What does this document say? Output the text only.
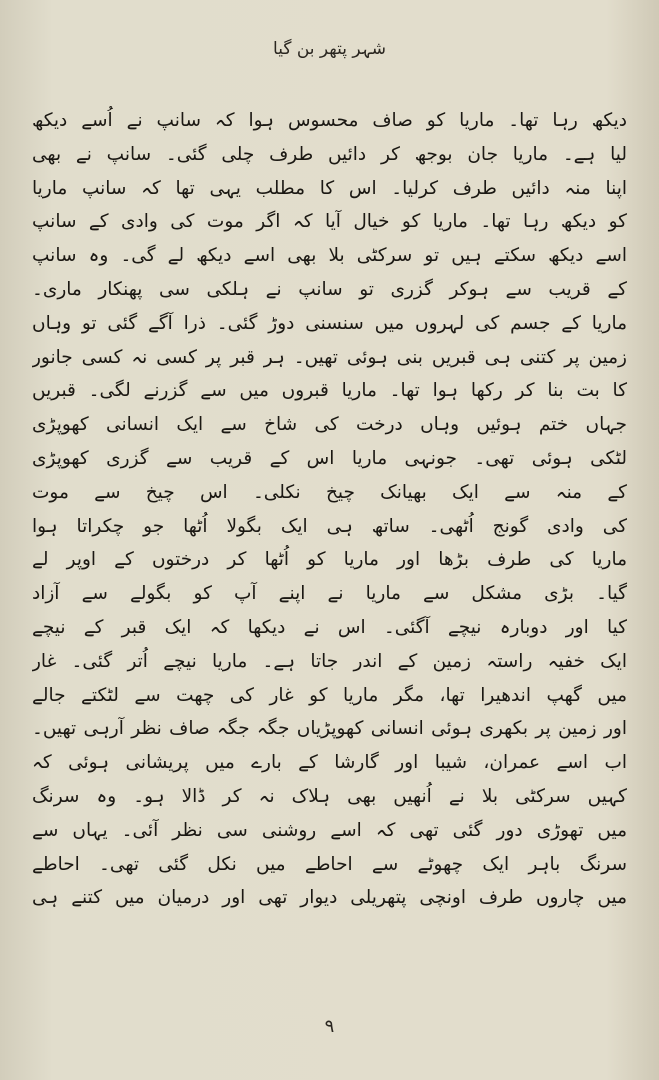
شہر پتھر بن گیا
دیکھ رہا تھا۔ ماریا کو صاف محسوس ہوا کہ سانپ نے اُسے دیکھ
لیا ہے۔ ماریا جان بوجھ کر دائیں طرف چلی گئی۔ سانپ نے بھی
اپنا منہ دائیں طرف کرلیا۔ اس کا مطلب یہی تھا کہ سانپ ماریا
کو دیکھ رہا تھا۔ ماریا کو خیال آیا کہ اگر موت کی وادی کے سانپ
اسے دیکھ سکتے ہیں تو سرکٹی بلا بھی اسے دیکھ لے گی۔ وہ سانپ
کے قریب سے ہوکر گزری تو سانپ نے ہلکی سی پھنکار ماری۔
ماریا کے جسم کی لہروں میں سنسنی دوڑ گئی۔ ذرا آگے گئی تو وہاں
زمین پر کتنی ہی قبریں بنی ہوئی تھیں۔ ہر قبر پر کسی نہ کسی جانور
کا بت بنا کر رکھا ہوا تھا۔ ماریا قبروں میں سے گزرنے لگی۔ قبریں
جہاں ختم ہوئیں وہاں درخت کی شاخ سے ایک انسانی کھوپڑی
لٹکی ہوئی تھی۔ جونہی ماریا اس کے قریب سے گزری کھوپڑی
کے منہ سے ایک بھیانک چیخ نکلی۔ اس چیخ سے موت
کی وادی گونج اُٹھی۔ ساتھ ہی ایک بگولا اُٹھا جو چکراتا ہوا
ماریا کی طرف بڑھا اور ماریا کو اُٹھا کر درختوں کے اوپر لے
گیا۔ بڑی مشکل سے ماریا نے اپنے آپ کو بگولے سے آزاد
کیا اور دوبارہ نیچے آگئی۔ اس نے دیکھا کہ ایک قبر کے نیچے
ایک خفیہ راستہ زمین کے اندر جاتا ہے۔ ماریا نیچے اُتر گئی۔ غار
میں گھپ اندھیرا تھا، مگر ماریا کو غار کی چھت سے لٹکتے جالے
اور زمین پر بکھری ہوئی انسانی کھوپڑیاں جگہ جگہ صاف نظر آرہی تھیں۔
اب اسے عمران، شیبا اور گارشا کے بارے میں پریشانی ہوئی کہ
کہیں سرکٹی بلا نے اُنھیں بھی ہلاک نہ کر ڈالا ہو۔ وہ سرنگ
میں تھوڑی دور گئی تھی کہ اسے روشنی سی نظر آئی۔ یہاں سے
سرنگ باہر ایک چھوٹے سے احاطے میں نکل گئی تھی۔ احاطے
میں چاروں طرف اونچی پتھریلی دیوار تھی اور درمیان میں کتنے ہی
۹
